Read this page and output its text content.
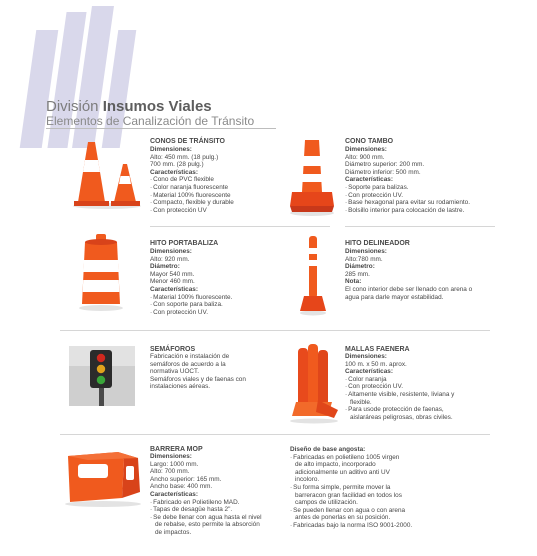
División Insumos Viales
Elementos de Canalización de Tránsito
CONOS DE TRÁNSITO
Dimensiones:
Alto: 450 mm. (18 pulg.)
700 mm. (28 pulg.)
Características:
· Cono de PVC flexible
· Color naranja fluorescente
· Material 100% fluorescente
· Compacto, flexible y durable
· Con protección UV
CONO TAMBO
Dimensiones:
Alto: 900 mm.
Diámetro superior: 200 mm.
Diámetro inferior: 500 mm.
Características:
· Soporte para balizas.
· Con protección UV.
· Base hexagonal para evitar su rodamiento.
· Bolsillo interior para colocación de lastre.
HITO PORTABALIZA
Dimensiones:
Alto: 920 mm.
Diámetro:
Mayor 540 mm.
Menor 460 mm.
Características:
· Material 100% fluorescente.
· Con soporte para baliza.
· Con protección UV.
HITO DELINEADOR
Dimensiones:
Alto:780 mm.
Diámetro:
285 mm.
Nota:
El cono interior debe ser llenado con arena o
agua para darle mayor estabilidad.
SEMÁFOROS
Fabricación e instalación de
semáforos de acuerdo a la
normativa UOCT.
Semáforos viales y de faenas con
instalaciones aéreas.
MALLAS FAENERA
Dimensiones:
100 m. x 50 m. aprox.
Características:
· Color naranja
· Con protección UV.
· Altamente visible, resistente, liviana y
flexible.
· Para usode protección de faenas,
aislaráreas peligrosas, obras civiles.
BARRERA MOP
Dimensiones:
Largo: 1000 mm.
Alto: 700 mm.
Ancho superior: 165 mm.
Ancho base: 400 mm.
Características:
· Fabricado en Polietileno MAD.
· Tapas de desagüe hasta 2".
· Se debe llenar con agua hasta el nivel
de rebalse, esto permite la absorción
de impactos.
Diseño de base angosta:
· Fabricadas en polietileno 1005 virgen
de alto impacto, incorporado
adicionalmente un aditivo anti UV
incoloro.
· Su forma simple, permite mover la
barreracon gran facilidad en todos los
campos de utilización.
· Se pueden llenar con agua o con arena
antes de ponerlas en su posición.
· Fabricadas bajo la norma ISO 9001-2000.
